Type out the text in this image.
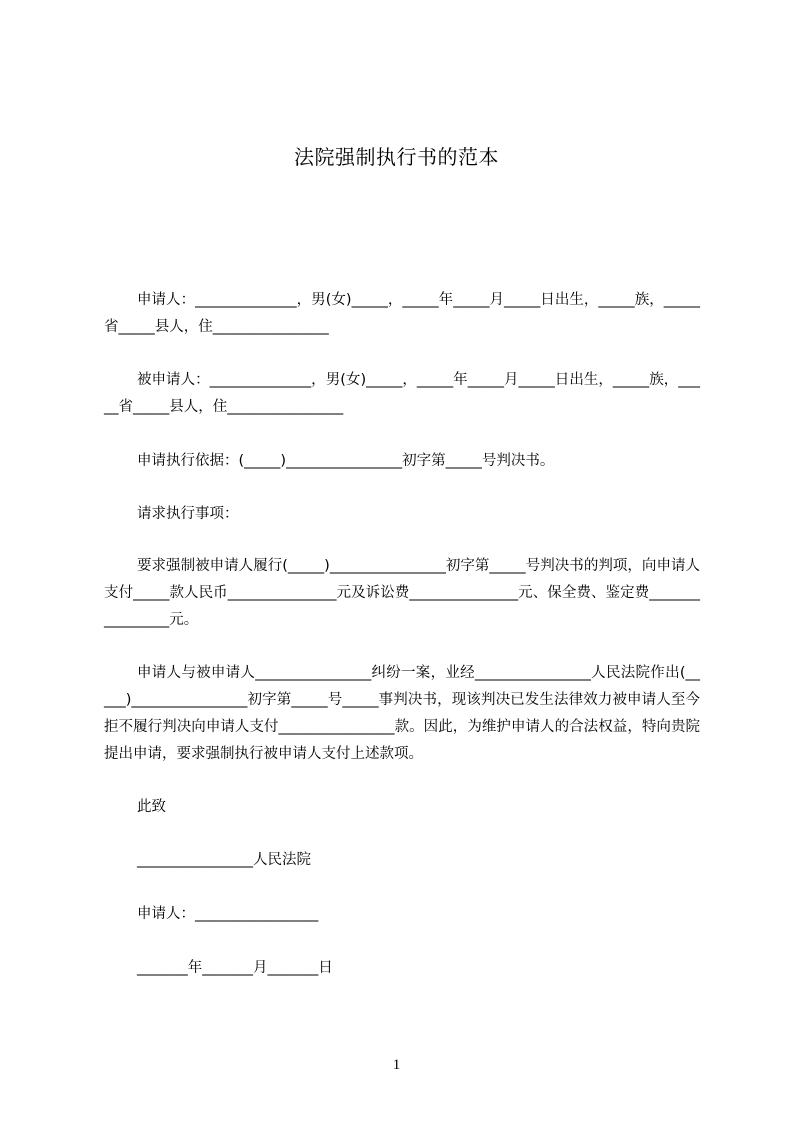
法院强制执行书的范本
申请人：______________，男(女)_____，_____年_____月_____日出生，_____族，_____省_____县人，住________________
被申请人：______________，男(女)_____，_____年_____月_____日出生，_____族，_____省_____县人，住________________
申请执行依据：(_____)________________初字第_____号判决书。
请求执行事项：
要求强制被申请人履行(_____)________________初字第_____号判决书的判项，向申请人支付_____款人民币_______________元及诉讼费_______________元、保全费、鉴定费________________元。
申请人与被申请人________________纠纷一案，业经________________人民法院作出(_____)________________初字第_____号_____事判决书，现该判决已发生法律效力被申请人至今拒不履行判决向申请人支付________________款。因此，为维护申请人的合法权益，特向贵院提出申请，要求强制执行被申请人支付上述款项。
此致
________________人民法院
申请人：_________________
_______年_______月_______日
1
